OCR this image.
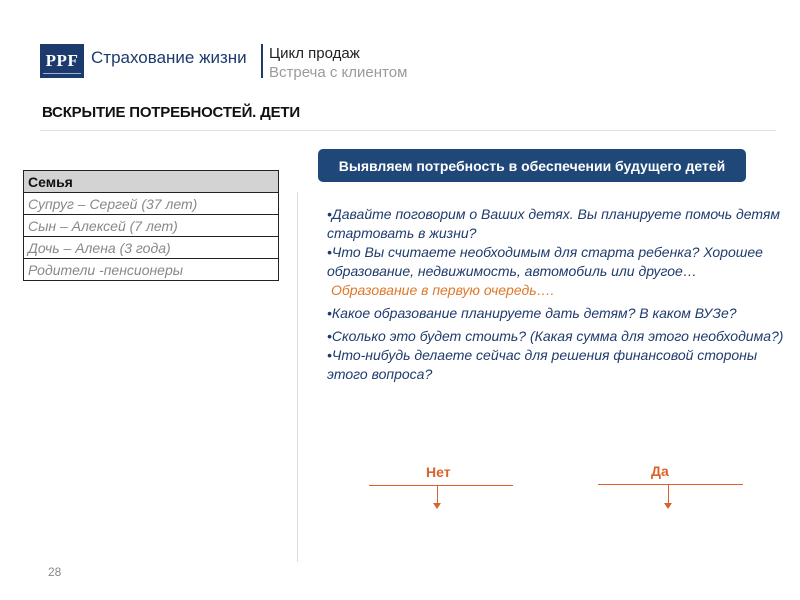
PPF Страхование жизни Цикл продаж
Встреча с клиентом
ВСКРЫТИЕ ПОТРЕБНОСТЕЙ. ДЕТИ
Семья
Супруг – Сергей (37 лет)
Сын – Алексей (7 лет)
Дочь – Алена (3 года)
Родители -пенсионеры
Выявляем потребность в обеспечении будущего детей

•Давайте поговорим о Ваших детях. Вы планируете помочь детям стартовать в жизни?

•Что Вы считаете необходимым для старта ребенка? Хорошее образование, недвижимость, автомобиль или другое…

Образование в первую очередь….

•Какое образование планируете дать детям? В каком ВУЗе?

•Сколько это будет стоить? (Какая сумма для этого необходима?)

•Что-нибудь делаете сейчас для решения финансовой стороны этого вопроса?

Нет	Да
28
